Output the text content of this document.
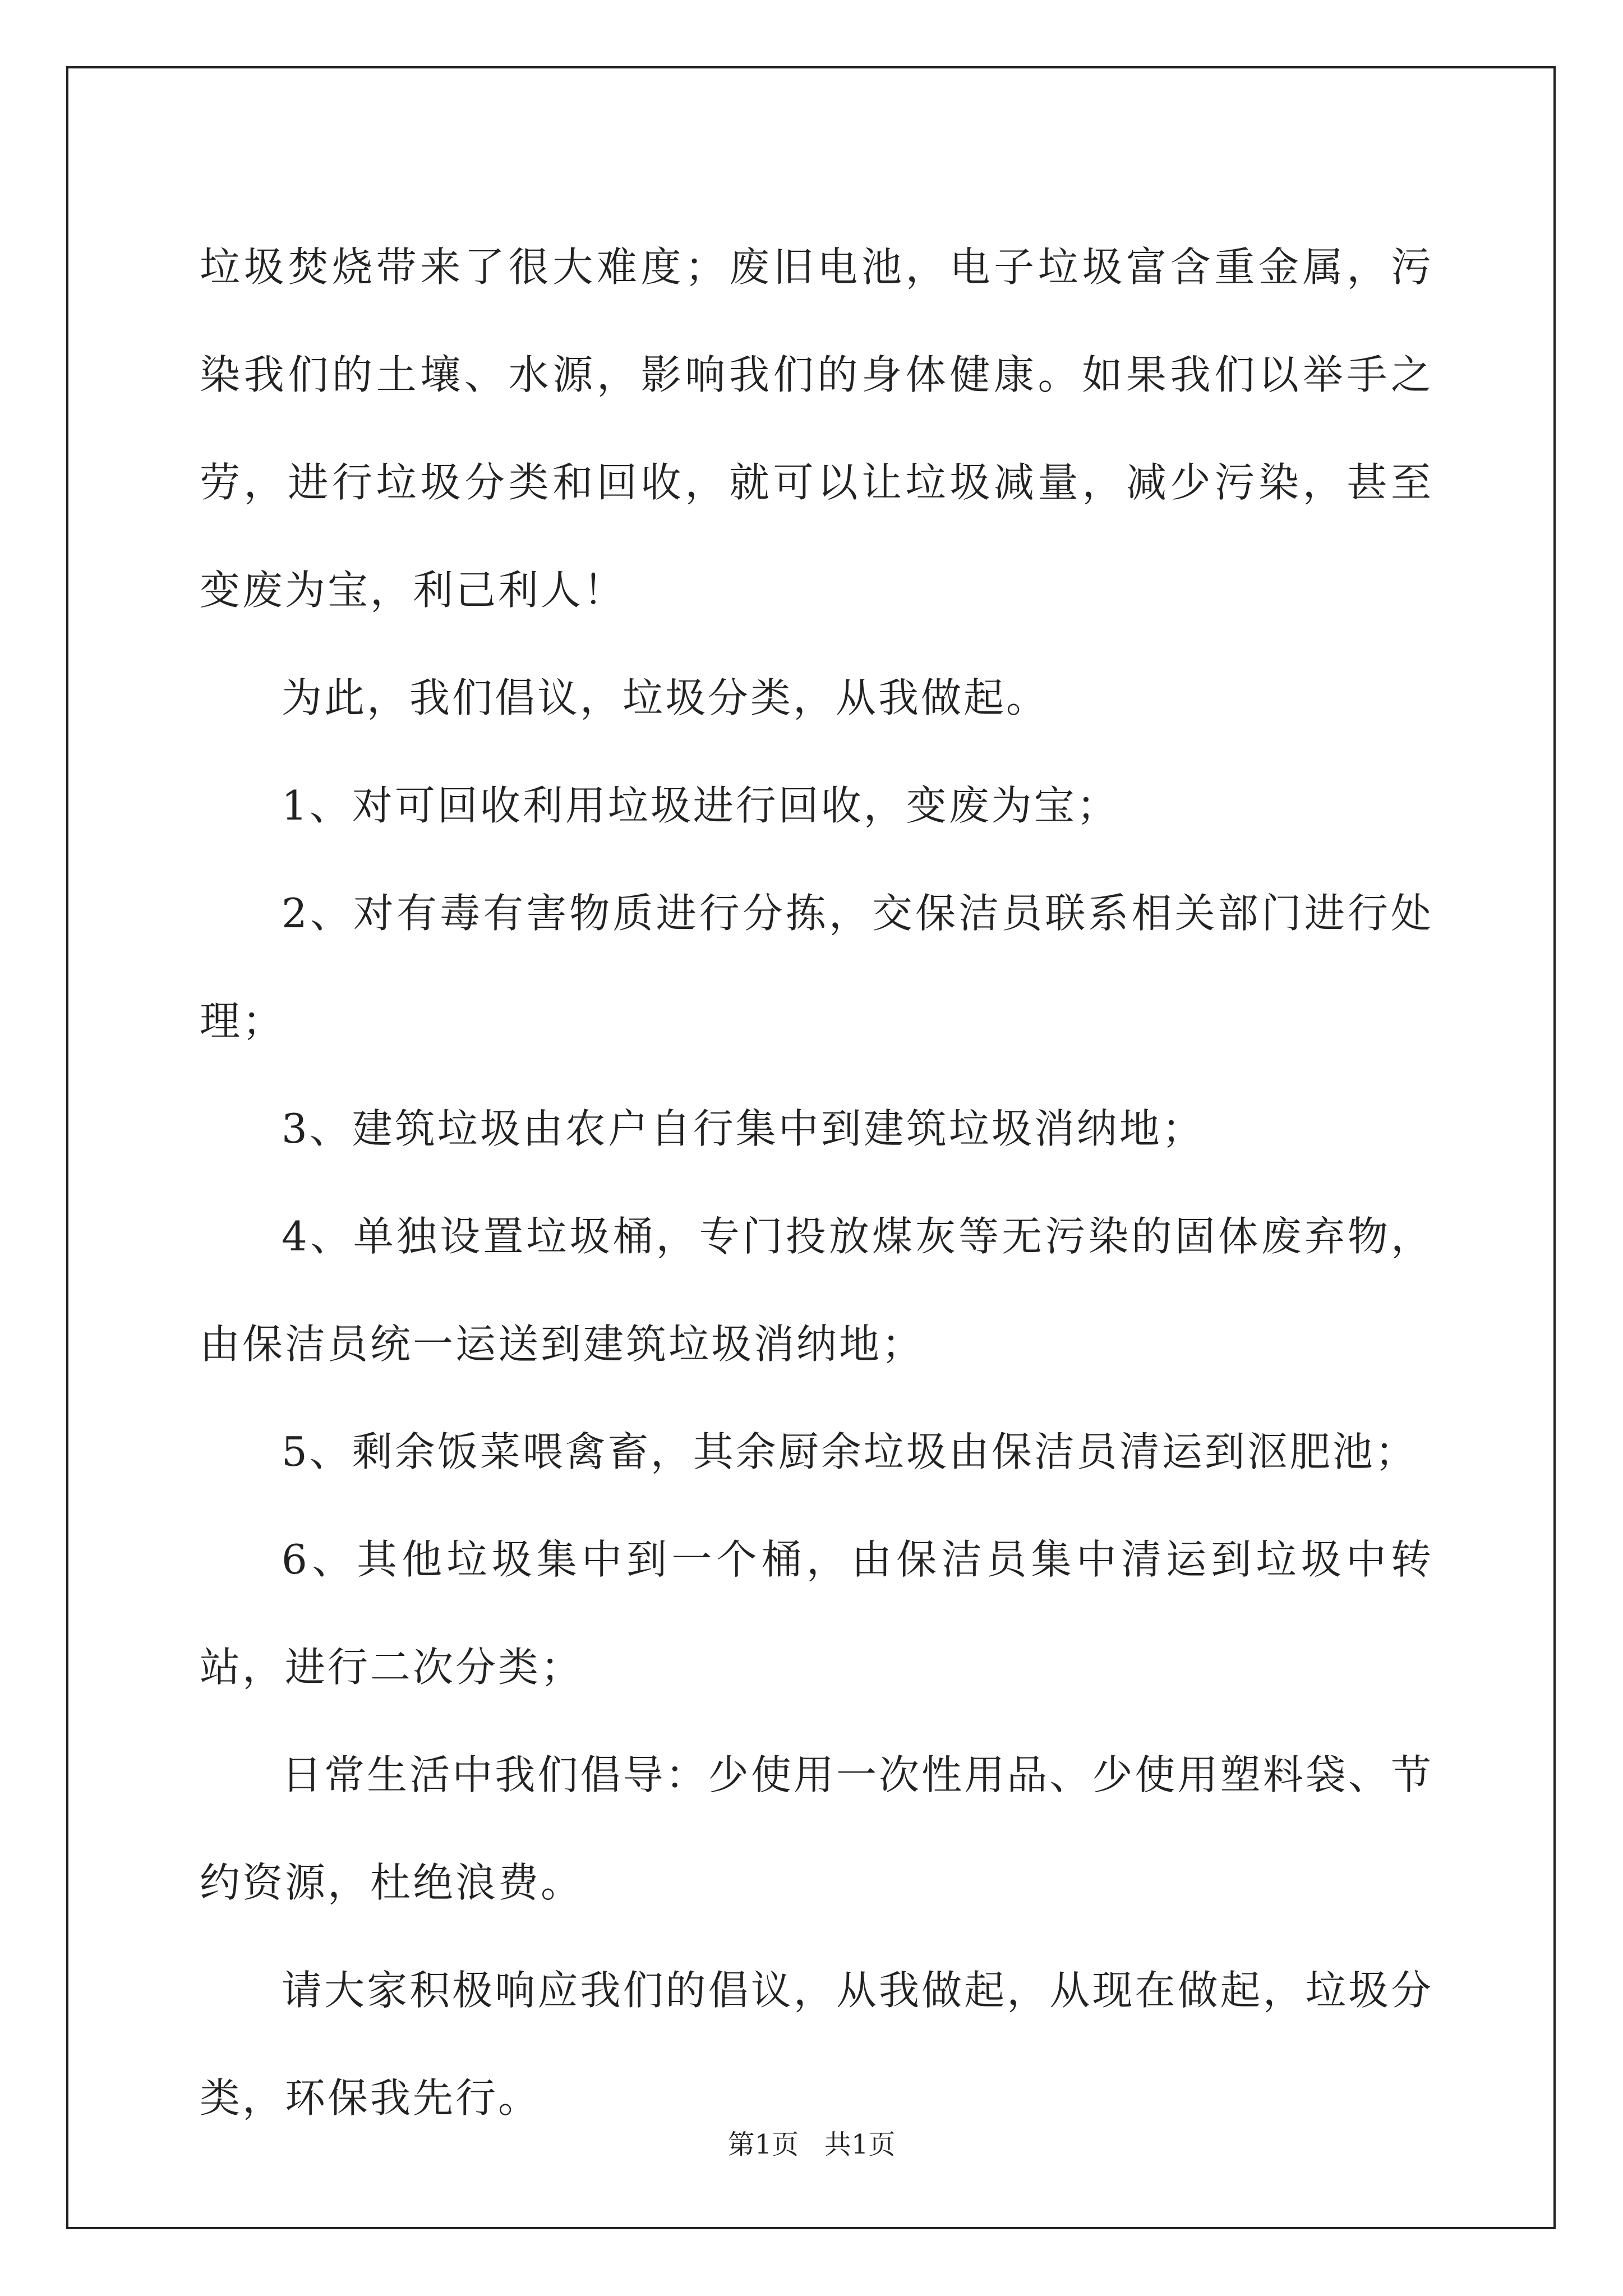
垃圾焚烧带来了很大难度；废旧电池，电子垃圾富含重金属，污染我们的土壤、水源，影响我们的身体健康。如果我们以举手之劳，进行垃圾分类和回收，就可以让垃圾减量，减少污染，甚至变废为宝，利己利人！

为此，我们倡议，垃圾分类，从我做起。

1、对可回收利用垃圾进行回收，变废为宝；

2、对有毒有害物质进行分拣，交保洁员联系相关部门进行处理；

3、建筑垃圾由农户自行集中到建筑垃圾消纳地；

4、单独设置垃圾桶，专门投放煤灰等无污染的固体废弃物，由保洁员统一运送到建筑垃圾消纳地；

5、剩余饭菜喂禽畜，其余厨余垃圾由保洁员清运到沤肥池；

6、其他垃圾集中到一个桶，由保洁员集中清运到垃圾中转站，进行二次分类；

日常生活中我们倡导：少使用一次性用品、少使用塑料袋、节约资源，杜绝浪费。

请大家积极响应我们的倡议，从我做起，从现在做起，垃圾分类，环保我先行。

第1页   共1页
